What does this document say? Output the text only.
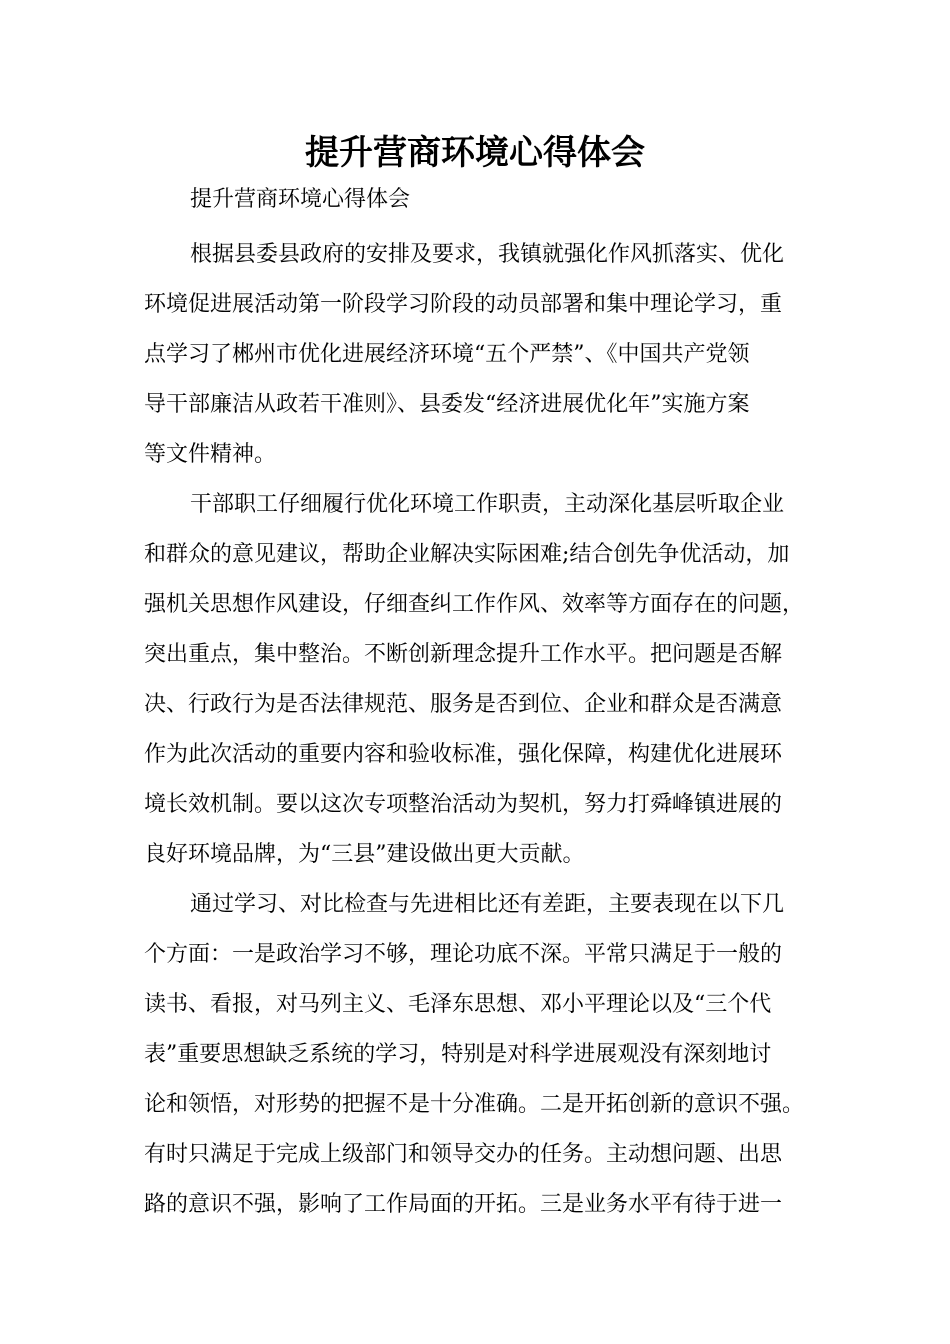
提升营商环境心得体会
提升营商环境心得体会
根据县委县政府的安排及要求，我镇就强化作风抓落实、优化
环境促进展活动第一阶段学习阶段的动员部署和集中理论学习，重
点学习了郴州市优化进展经济环境“五个严禁”、《中国共产党领
导干部廉洁从政若干准则》、县委发“经济进展优化年”实施方案
等文件精神。
干部职工仔细履行优化环境工作职责，主动深化基层听取企业
和群众的意见建议，帮助企业解决实际困难;结合创先争优活动，加
强机关思想作风建设，仔细查纠工作作风、效率等方面存在的问题，
突出重点，集中整治。不断创新理念提升工作水平。把问题是否解
决、行政行为是否法律规范、服务是否到位、企业和群众是否满意
作为此次活动的重要内容和验收标准，强化保障，构建优化进展环
境长效机制。要以这次专项整治活动为契机，努力打舜峰镇进展的
良好环境品牌，为“三县”建设做出更大贡献。
通过学习、对比检查与先进相比还有差距，主要表现在以下几
个方面：一是政治学习不够，理论功底不深。平常只满足于一般的
读书、看报，对马列主义、毛泽东思想、邓小平理论以及“三个代
表”重要思想缺乏系统的学习，特别是对科学进展观没有深刻地讨
论和领悟，对形势的把握不是十分准确。二是开拓创新的意识不强。
有时只满足于完成上级部门和领导交办的任务。主动想问题、出思
路的意识不强，影响了工作局面的开拓。三是业务水平有待于进一
